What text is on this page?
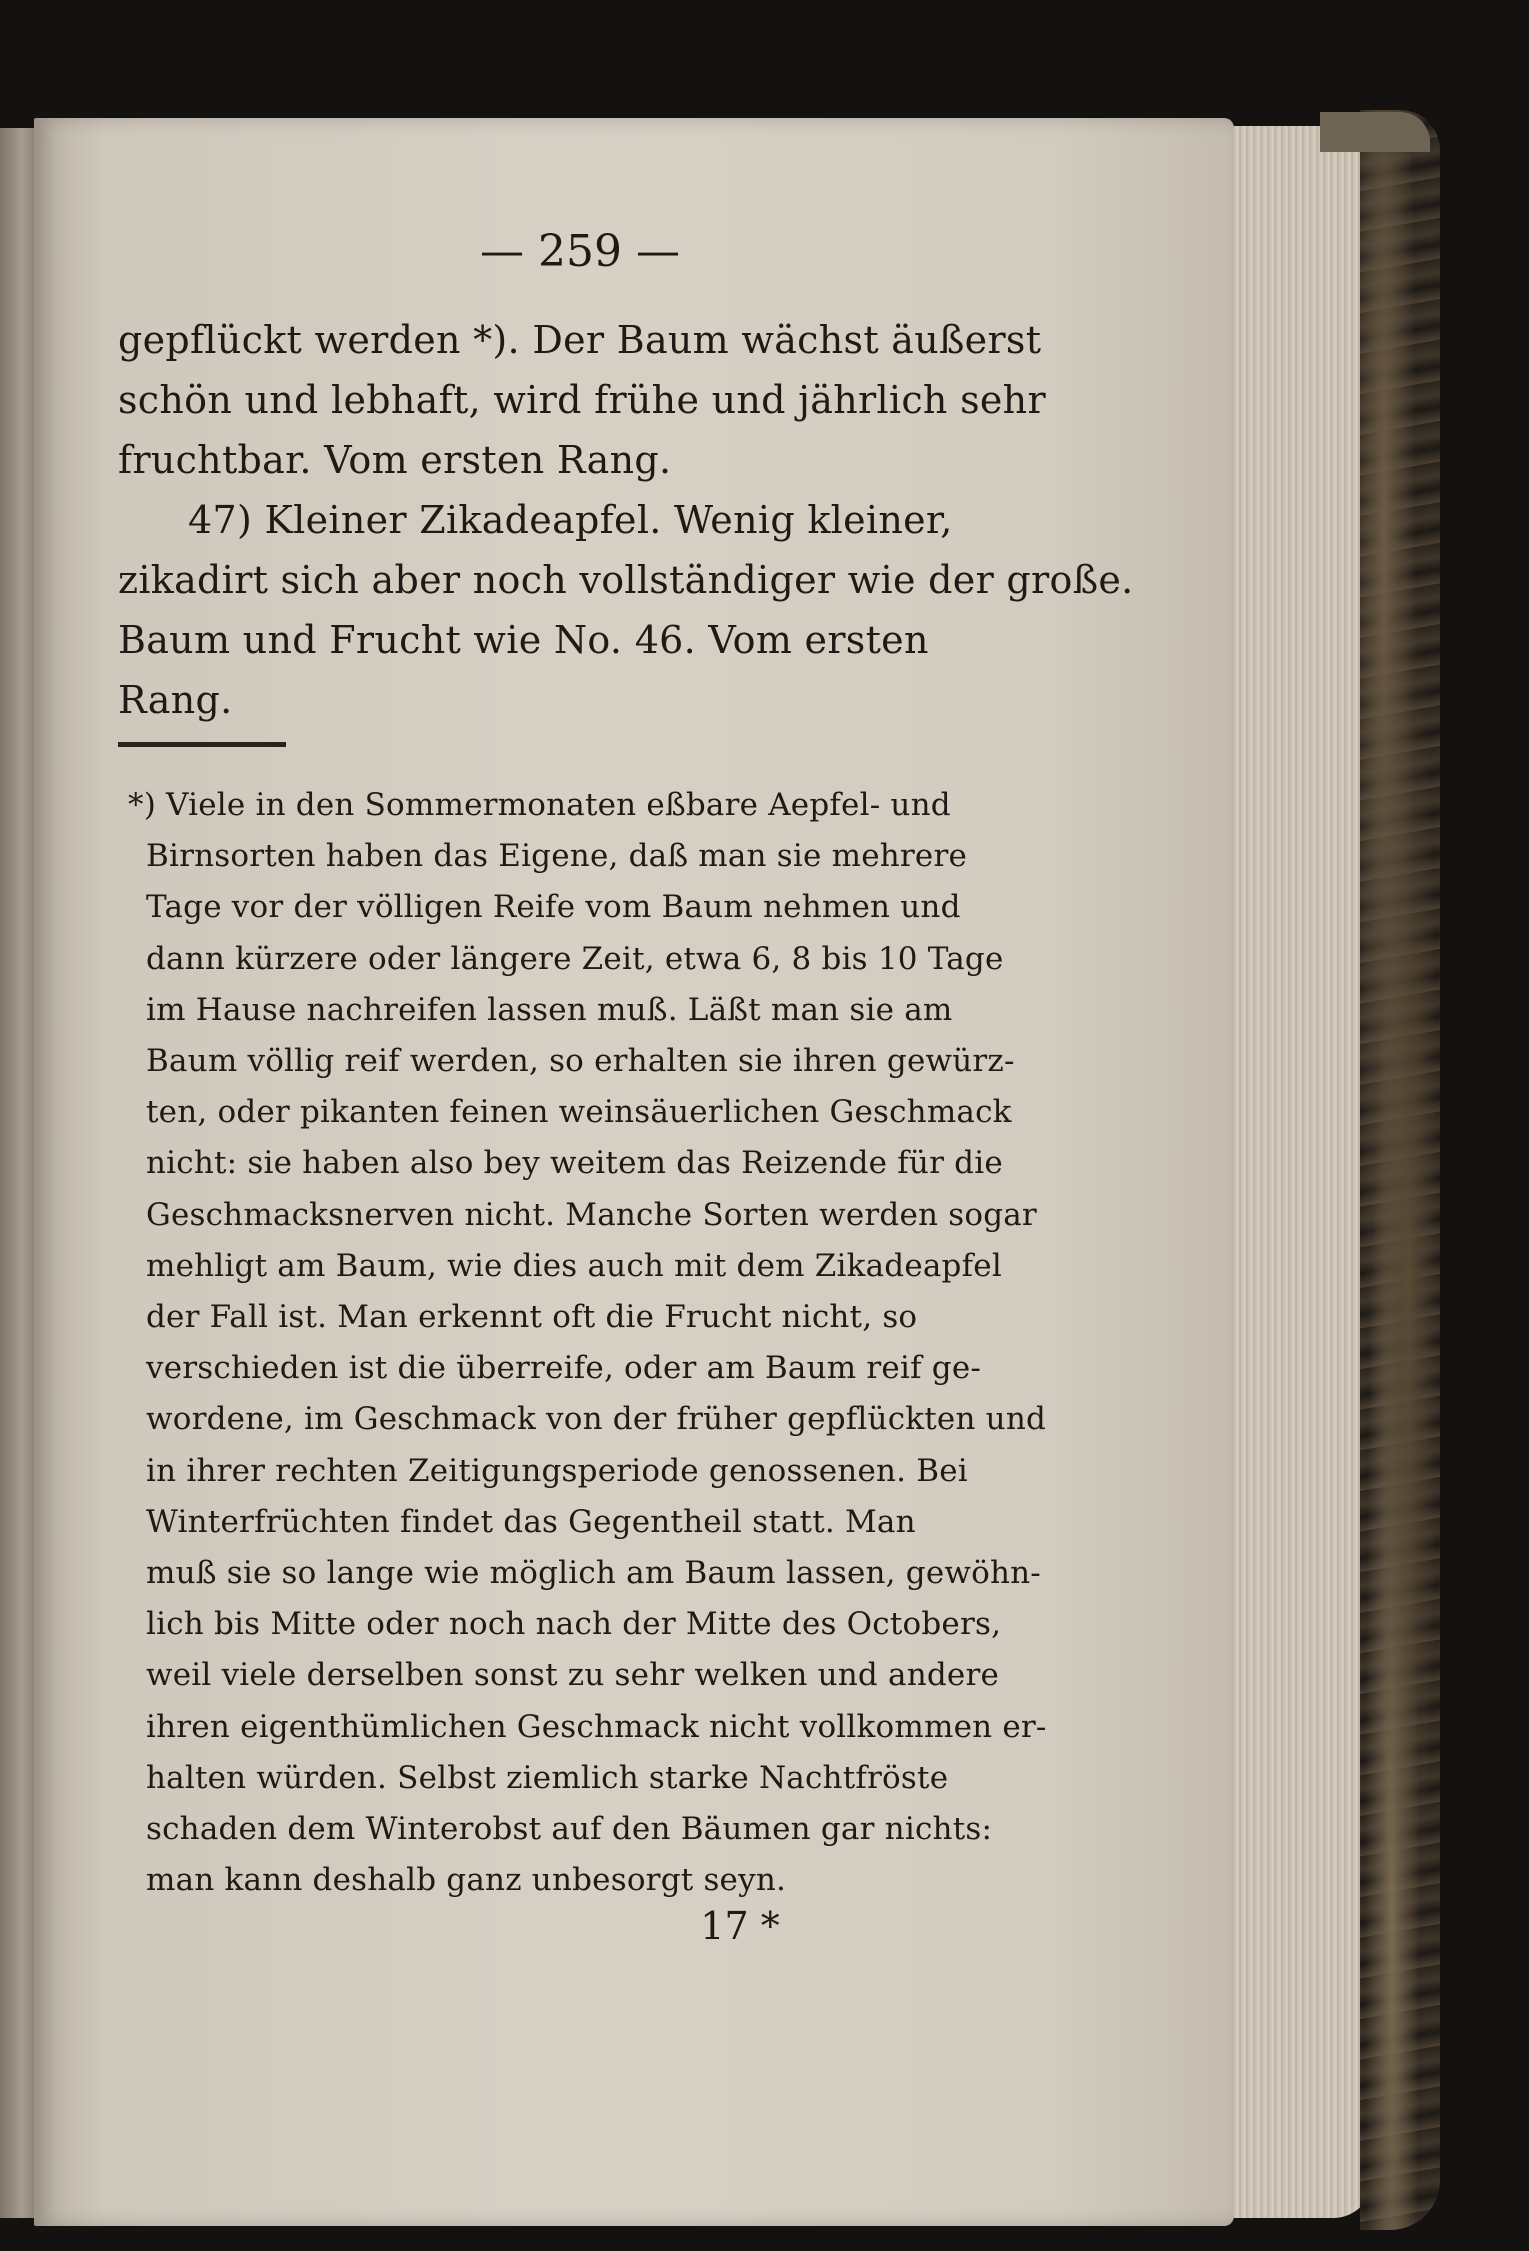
— 259 —
gepflückt werden *). Der Baum wächst äußerst
schön und lebhaft, wird frühe und jährlich sehr
fruchtbar. Vom ersten Rang.
47) Kleiner Zikadeapfel. Wenig kleiner,
zikadirt sich aber noch vollständiger wie der große.
Baum und Frucht wie No. 46. Vom ersten
Rang.
*) Viele in den Sommermonaten eßbare Aepfel- und
Birnsorten haben das Eigene, daß man sie mehrere
Tage vor der völligen Reife vom Baum nehmen und
dann kürzere oder längere Zeit, etwa 6, 8 bis 10 Tage
im Hause nachreifen lassen muß. Läßt man sie am
Baum völlig reif werden, so erhalten sie ihren gewürz-
ten, oder pikanten feinen weinsäuerlichen Geschmack
nicht: sie haben also bey weitem das Reizende für die
Geschmacksnerven nicht. Manche Sorten werden sogar
mehligt am Baum, wie dies auch mit dem Zikadeapfel
der Fall ist. Man erkennt oft die Frucht nicht, so
verschieden ist die überreife, oder am Baum reif ge-
wordene, im Geschmack von der früher gepflückten und
in ihrer rechten Zeitigungsperiode genossenen. Bei
Winterfrüchten findet das Gegentheil statt. Man
muß sie so lange wie möglich am Baum lassen, gewöhn-
lich bis Mitte oder noch nach der Mitte des Octobers,
weil viele derselben sonst zu sehr welken und andere
ihren eigenthümlichen Geschmack nicht vollkommen er-
halten würden. Selbst ziemlich starke Nachtfröste
schaden dem Winterobst auf den Bäumen gar nichts:
man kann deshalb ganz unbesorgt seyn.
17 *
